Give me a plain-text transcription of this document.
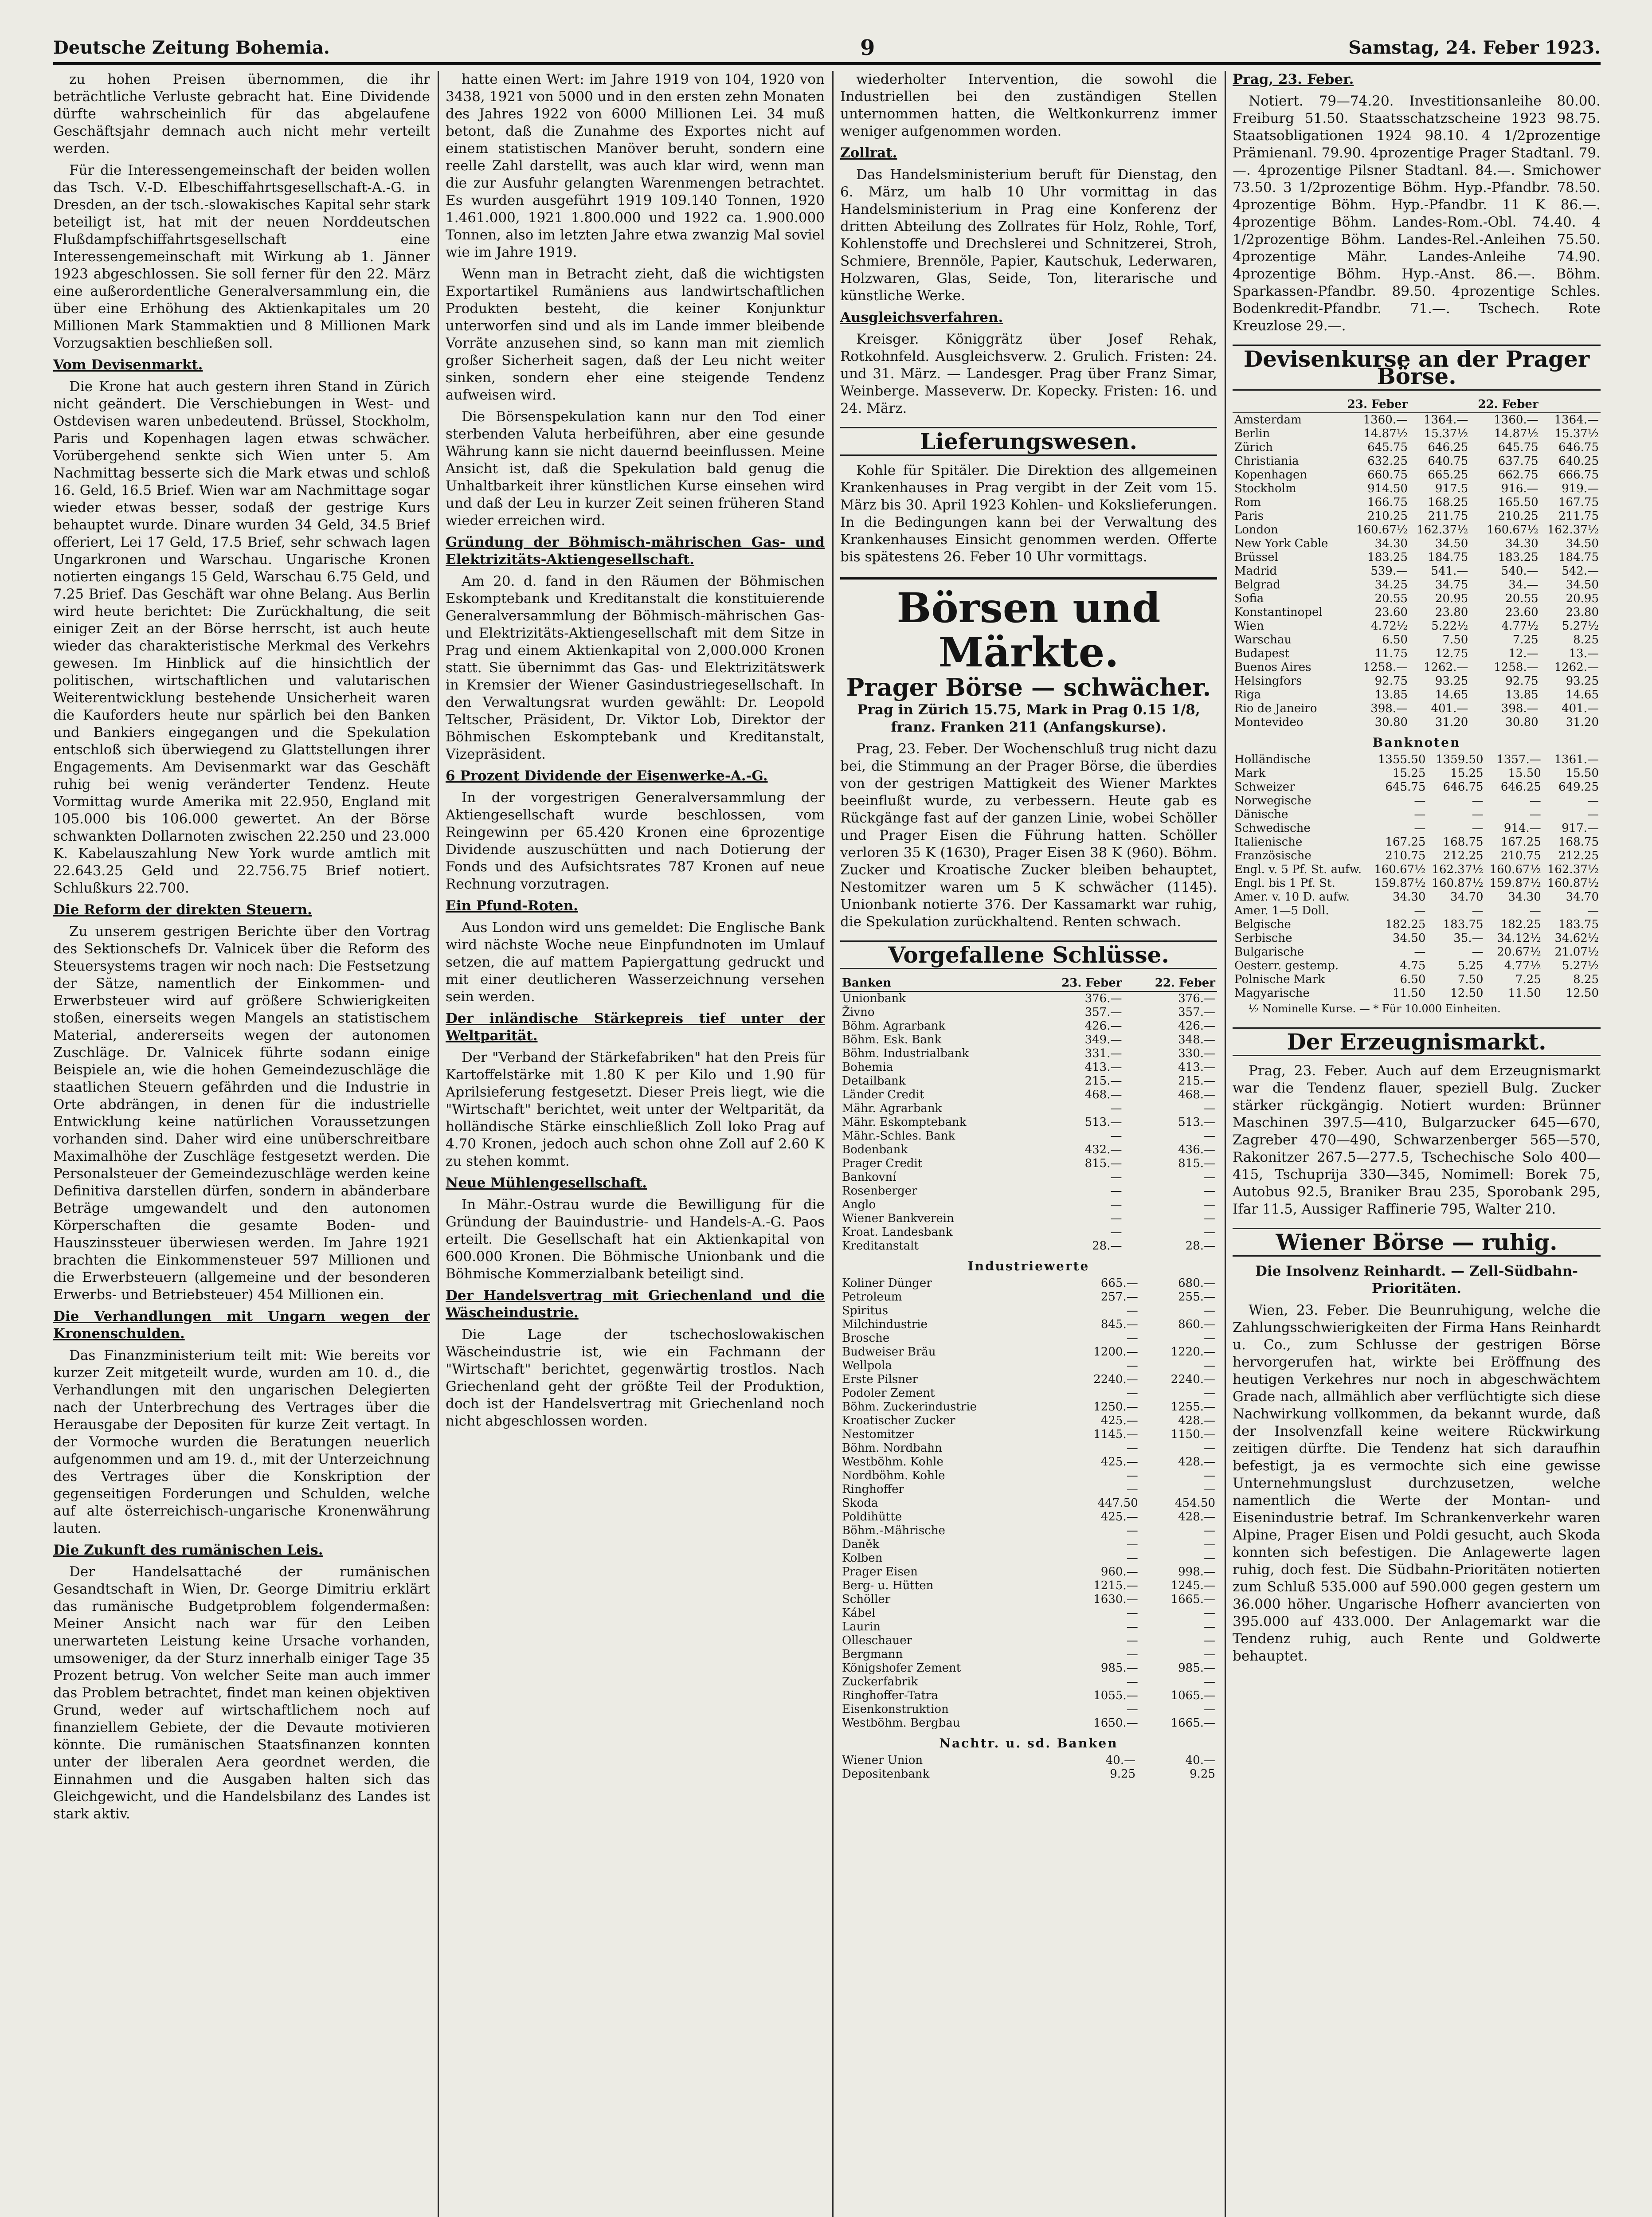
Deutsche Zeitung Bohemia.	9	Samstag, 24. Feber 1923.

zu hohen Preisen übernommen, die ihr beträchtliche Verluste gebracht hat. Eine Dividende dürfte wahrscheinlich für das abgelaufene Geschäftsjahr demnach auch nicht mehr verteilt werden.

Für die Interessengemeinschaft der beiden wollen das Tsch. V.-D. Elbeschiffahrtsgesellschaft-A.-G. in Dresden, an der tsch.-slowakisches Kapital sehr stark beteiligt ist, hat mit der neuen Norddeutschen Flußdampfschiffahrtsgesellschaft eine Interessengemeinschaft mit Wirkung ab 1. Jänner 1923 abgeschlossen. Sie soll ferner für den 22. März eine außerordentliche Generalversammlung ein, die über eine Erhöhung des Aktienkapitales um 20 Millionen Mark Stammaktien und 8 Millionen Mark Vorzugsaktien beschließen soll.

Vom Devisenmarkt.

Die Krone hat auch gestern ihren Stand in Zürich nicht geändert. Die Verschiebungen in West- und Ostdevisen waren unbedeutend. Brüssel, Stockholm, Paris und Kopenhagen lagen etwas schwächer. Vorübergehend senkte sich Wien unter 5. Am Nachmittag besserte sich die Mark etwas und schloß 16. Geld, 16.5 Brief. Wien war am Nachmittage sogar wieder etwas besser, sodaß der gestrige Kurs behauptet wurde. Dinare wurden 34 Geld, 34.5 Brief offeriert, Lei 17 Geld, 17.5 Brief, sehr schwach lagen Ungarkronen und Warschau. Ungarische Kronen notierten eingangs 15 Geld, Warschau 6.75 Geld, und 7.25 Brief. Das Geschäft war ohne Belang. Aus Berlin wird heute berichtet: Die Zurückhaltung, die seit einiger Zeit an der Börse herrscht, ist auch heute wieder das charakteristische Merkmal des Verkehrs gewesen. Im Hinblick auf die hinsichtlich der politischen, wirtschaftlichen und valutarischen Weiterentwicklung bestehende Unsicherheit waren die Kauforders heute nur spärlich bei den Banken und Bankiers eingegangen und die Spekulation entschloß sich überwiegend zu Glattstellungen ihrer Engagements. Am Devisenmarkt war das Geschäft ruhig bei wenig veränderter Tendenz. Heute Vormittag wurde Amerika mit 22.950, England mit 105.000 bis 106.000 gewertet. An der Börse schwankten Dollarnoten zwischen 22.250 und 23.000 K. Kabelauszahlung New York wurde amtlich mit 22.643.25 Geld und 22.756.75 Brief notiert. Schlußkurs 22.700.

Die Reform der direkten Steuern.

Zu unserem gestrigen Berichte über den Vortrag des Sektionschefs Dr. Valnicek über die Reform des Steuersystems tragen wir noch nach: Die Festsetzung der Sätze, namentlich der Einkommen- und Erwerbsteuer wird auf größere Schwierigkeiten stoßen, einerseits wegen Mangels an statistischem Material, andererseits wegen der autonomen Zuschläge. Dr. Valnicek führte sodann einige Beispiele an, wie die hohen Gemeindezuschläge die staatlichen Steuern gefährden und die Industrie in Orte abdrängen, in denen für die industrielle Entwicklung keine natürlichen Voraussetzungen vorhanden sind. Daher wird eine unüberschreitbare Maximalhöhe der Zuschläge festgesetzt werden. Die Personalsteuer der Gemeindezuschläge werden keine Definitiva darstellen dürfen, sondern in abänderbare Beträge umgewandelt und den autonomen Körperschaften die gesamte Boden- und Hauszinssteuer überwiesen werden. Im Jahre 1921 brachten die Einkommensteuer 597 Millionen und die Erwerbsteuern (allgemeine und der besonderen Erwerbs- und Betriebsteuer) 454 Millionen ein.

Die Verhandlungen mit Ungarn wegen der Kronenschulden.

Das Finanzministerium teilt mit: Wie bereits vor kurzer Zeit mitgeteilt wurde, wurden am 10. d., die Verhandlungen mit den ungarischen Delegierten nach der Unterbrechung des Vertrages über die Herausgabe der Depositen für kurze Zeit vertagt. In der Vormoche wurden die Beratungen neuerlich aufgenommen und am 19. d., mit der Unterzeichnung des Vertrages über die Konskription der gegenseitigen Forderungen und Schulden, welche auf alte österreichisch-ungarische Kronenwährung lauten.

Die Zukunft des rumänischen Leis.

Der Handelsattaché der rumänischen Gesandtschaft in Wien, Dr. George Dimitriu erklärt das rumänische Budgetproblem folgendermaßen: Meiner Ansicht nach war für den Leiben unerwarteten Leistung keine Ursache vorhanden, umsoweniger, da der Sturz innerhalb einiger Tage 35 Prozent betrug. Von welcher Seite man auch immer das Problem betrachtet, findet man keinen objektiven Grund, weder auf wirtschaftlichem noch auf finanziellem Gebiete, der die Devaute motivieren könnte. Die rumänischen Staatsfinanzen konnten unter der liberalen Aera geordnet werden, die Einnahmen und die Ausgaben halten sich das Gleichgewicht, und die Handelsbilanz des Landes ist stark aktiv.

hatte einen Wert: im Jahre 1919 von 104, 1920 von 3438, 1921 von 5000 und in den ersten zehn Monaten des Jahres 1922 von 6000 Millionen Lei. 34 muß betont, daß die Zunahme des Exportes nicht auf einem statistischen Manöver beruht, sondern eine reelle Zahl darstellt, was auch klar wird, wenn man die zur Ausfuhr gelangten Warenmengen betrachtet. Es wurden ausgeführt 1919 109.140 Tonnen, 1920 1.461.000, 1921 1.800.000 und 1922 ca. 1.900.000 Tonnen, also im letzten Jahre etwa zwanzig Mal soviel wie im Jahre 1919.

Wenn man in Betracht zieht, daß die wichtigsten Exportartikel Rumäniens aus landwirtschaftlichen Produkten besteht, die keiner Konjunktur unterworfen sind und als im Lande immer bleibende Vorräte anzusehen sind, so kann man mit ziemlich großer Sicherheit sagen, daß der Leu nicht weiter sinken, sondern eher eine steigende Tendenz aufweisen wird.

Die Börsenspekulation kann nur den Tod einer sterbenden Valuta herbeiführen, aber eine gesunde Währung kann sie nicht dauernd beeinflussen. Meine Ansicht ist, daß die Spekulation bald genug die Unhaltbarkeit ihrer künstlichen Kurse einsehen wird und daß der Leu in kurzer Zeit seinen früheren Stand wieder erreichen wird.

Gründung der Böhmisch-mährischen Gas- und Elektrizitäts-Aktiengesellschaft.

Am 20. d. fand in den Räumen der Böhmischen Eskomptebank und Kreditanstalt die konstituierende Generalversammlung der Böhmisch-mährischen Gas- und Elektrizitäts-Aktiengesellschaft mit dem Sitze in Prag und einem Aktienkapital von 2,000.000 Kronen statt. Sie übernimmt das Gas- und Elektrizitätswerk in Kremsier der Wiener Gasindustriegesellschaft. In den Verwaltungsrat wurden gewählt: Dr. Leopold Teltscher, Präsident, Dr. Viktor Lob, Direktor der Böhmischen Eskomptebank und Kreditanstalt, Vizepräsident.

6 Prozent Dividende der Eisenwerke-A.-G.

In der vorgestrigen Generalversammlung der Aktiengesellschaft wurde beschlossen, vom Reingewinn per 65.420 Kronen eine 6prozentige Dividende auszuschütten und nach Dotierung der Fonds und des Aufsichtsrates 787 Kronen auf neue Rechnung vorzutragen.

Ein Pfund-Roten.

Aus London wird uns gemeldet: Die Englische Bank wird nächste Woche neue Einpfundnoten im Umlauf setzen, die auf mattem Papiergattung gedruckt und mit einer deutlicheren Wasserzeichnung versehen sein werden.

Der inländische Stärkepreis tief unter der Weltparität.

Der "Verband der Stärkefabriken" hat den Preis für Kartoffelstärke mit 1.80 K per Kilo und 1.90 für Aprilsieferung festgesetzt. Dieser Preis liegt, wie die "Wirtschaft" berichtet, weit unter der Weltparität, da holländische Stärke einschließlich Zoll loko Prag auf 4.70 Kronen, jedoch auch schon ohne Zoll auf 2.60 K zu stehen kommt.

Neue Mühlengesellschaft.

In Mähr.-Ostrau wurde die Bewilligung für die Gründung der Bauindustrie- und Handels-A.-G. Paos erteilt. Die Gesellschaft hat ein Aktienkapital von 600.000 Kronen. Die Böhmische Unionbank und die Böhmische Kommerzialbank beteiligt sind.

Der Handelsvertrag mit Griechenland und die Wäscheindustrie.

Die Lage der tschechoslowakischen Wäscheindustrie ist, wie ein Fachmann der "Wirtschaft" berichtet, gegenwärtig trostlos. Nach Griechenland geht der größte Teil der Produktion, doch ist der Handelsvertrag mit Griechenland noch nicht abgeschlossen worden.

wiederholter Intervention, die sowohl die Industriellen bei den zuständigen Stellen unternommen hatten, die Weltkonkurrenz immer weniger aufgenommen worden.

Zollrat.

Das Handelsministerium beruft für Dienstag, den 6. März, um halb 10 Uhr vormittag in das Handelsministerium in Prag eine Konferenz der dritten Abteilung des Zollrates für Holz, Rohle, Torf, Kohlenstoffe und Drechslerei und Schnitzerei, Stroh, Schmiere, Brennöle, Papier, Kautschuk, Lederwaren, Holzwaren, Glas, Seide, Ton, literarische und künstliche Werke.

Ausgleichsverfahren.

Kreisger. Königgrätz über Josef Rehak, Rotkohnfeld. Ausgleichsverw. 2. Grulich. Fristen: 24. und 31. März. — Landesger. Prag über Franz Simar, Weinberge. Masseverw. Dr. Kopecky. Fristen: 16. und 24. März.

Lieferungswesen.

Kohle für Spitäler. Die Direktion des allgemeinen Krankenhauses in Prag vergibt in der Zeit vom 15. März bis 30. April 1923 Kohlen- und Kokslieferungen. In die Bedingungen kann bei der Verwaltung des Krankenhauses Einsicht genommen werden. Offerte bis spätestens 26. Feber 10 Uhr vormittags.

Börsen und Märkte.
Prager Börse — schwächer.

Prag in Zürich 15.75, Mark in Prag 0.15 1/8, franz. Franken 211 (Anfangskurse).

Prag, 23. Feber. Der Wochenschluß trug nicht dazu bei, die Stimmung an der Prager Börse, die überdies von der gestrigen Mattigkeit des Wiener Marktes beeinflußt wurde, zu verbessern. Heute gab es Rückgänge fast auf der ganzen Linie, wobei Schöller und Prager Eisen die Führung hatten. Schöller verloren 35 K (1630), Prager Eisen 38 K (960). Böhm. Zucker und Kroatische Zucker bleiben behauptet, Nestomitzer waren um 5 K schwächer (1145). Unionbank notierte 376. Der Kassamarkt war ruhig, die Spekulation zurückhaltend. Renten schwach.

Vorgefallene Schlüsse.
Banken	23. Feber	22. Feber
Unionbank	376.—	376.—
Živno	357.—	357.—
Böhm. Agrarbank	426.—	426.—
Böhm. Esk. Bank	349.—	348.—
Böhm. Industrialbank	331.—	330.—
Bohemia	413.—	413.—
Detailbank	215.—	215.—
Länder Credit	468.—	468.—
Mähr. Agrarbank	—	—
Mähr. Eskomptebank	513.—	513.—
Mähr.-Schles. Bank	—	—
Bodenbank	432.—	436.—
Prager Credit	815.—	815.—
Bankovní	—	—
Rosenberger	—	—
Anglo	—	—
Wiener Bankverein	—	—
Kroat. Landesbank	—	—
Kreditanstalt	28.—	28.—
Industriewerte
Koliner Dünger	665.—	680.—
Petroleum	257.—	255.—
Spiritus	—	—
Milchindustrie	845.—	860.—
Brosche	—	—
Budweiser Bräu	1200.—	1220.—
Wellpola	—	—
Erste Pilsner	2240.—	2240.—
Podoler Zement	—	—
Böhm. Zuckerindustrie	1250.—	1255.—
Kroatischer Zucker	425.—	428.—
Nestomitzer	1145.—	1150.—
Böhm. Nordbahn	—	—
Westböhm. Kohle	425.—	428.—
Nordböhm. Kohle	—	—
Ringhoffer	—	—
Skoda	447.50	454.50
Poldihütte	425.—	428.—
Böhm.-Mährische	—	—
Daněk	—	—
Kolben	—	—
Prager Eisen	960.—	998.—
Berg- u. Hütten	1215.—	1245.—
Schöller	1630.—	1665.—
Kábel	—	—
Laurin	—	—
Olleschauer	—	—
Bergmann	—	—
Königshofer Zement	985.—	985.—
Zuckerfabrik	—	—
Ringhoffer-Tatra	1055.—	1065.—
Eisenkonstruktion	—	—
Westböhm. Bergbau	1650.—	1665.—
Nachtr. u. sd. Banken
Wiener Union	40.—	40.—
Depositenbank	9.25	9.25

Prag, 23. Feber.

Notiert. 79—74.20. Investitionsanleihe 80.00. Freiburg 51.50. Staatsschatzscheine 1923 98.75. Staatsobligationen 1924 98.10. 4 1/2prozentige Prämienanl. 79.90. 4prozentige Prager Stadtanl. 79.—. 4prozentige Pilsner Stadtanl. 84.—. Smichower 73.50. 3 1/2prozentige Böhm. Hyp.-Pfandbr. 78.50. 4prozentige Böhm. Hyp.-Pfandbr. 11 K 86.—. 4prozentige Böhm. Landes-Rom.-Obl. 74.40. 4 1/2prozentige Böhm. Landes-Rel.-Anleihen 75.50. 4prozentige Mähr. Landes-Anleihe 74.90. 4prozentige Böhm. Hyp.-Anst. 86.—. Böhm. Sparkassen-Pfandbr. 89.50. 4prozentige Schles. Bodenkredit-Pfandbr. 71.—. Tschech. Rote Kreuzlose 29.—.

Devisenkurse an der Prager Börse.
	23. Feber		22. Feber	
Amsterdam	1360.—	1364.—	1360.—	1364.—
Berlin	14.87½	15.37½	14.87½	15.37½
Zürich	645.75	646.25	645.75	646.75
Christiania	632.25	640.75	637.75	640.25
Kopenhagen	660.75	665.25	662.75	666.75
Stockholm	914.50	917.5	916.—	919.—
Rom	166.75	168.25	165.50	167.75
Paris	210.25	211.75	210.25	211.75
London	160.67½	162.37½	160.67½	162.37½
New York Cable	34.30	34.50	34.30	34.50
Brüssel	183.25	184.75	183.25	184.75
Madrid	539.—	541.—	540.—	542.—
Belgrad	34.25	34.75	34.—	34.50
Sofia	20.55	20.95	20.55	20.95
Konstantinopel	23.60	23.80	23.60	23.80
Wien	4.72½	5.22½	4.77½	5.27½
Warschau	6.50	7.50	7.25	8.25
Budapest	11.75	12.75	12.—	13.—
Buenos Aires	1258.—	1262.—	1258.—	1262.—
Helsingfors	92.75	93.25	92.75	93.25
Riga	13.85	14.65	13.85	14.65
Rio de Janeiro	398.—	401.—	398.—	401.—
Montevideo	30.80	31.20	30.80	31.20
Banknoten
Holländische	1355.50	1359.50	1357.—	1361.—
Mark	15.25	15.25	15.50	15.50
Schweizer	645.75	646.75	646.25	649.25
Norwegische	—	—	—	—
Dänische	—	—	—	—
Schwedische	—	—	914.—	917.—
Italienische	167.25	168.75	167.25	168.75
Französische	210.75	212.25	210.75	212.25
Engl. v. 5 Pf. St. aufw.	160.67½	162.37½	160.67½	162.37½
Engl. bis 1 Pf. St.	159.87½	160.87½	159.87½	160.87½
Amer. v. 10 D. aufw.	34.30	34.70	34.30	34.70
Amer. 1—5 Doll.	—	—	—	—
Belgische	182.25	183.75	182.25	183.75
Serbische	34.50	35.—	34.12½	34.62½
Bulgarische	—	—	20.67½	21.07½
Oesterr. gestemp.	4.75	5.25	4.77½	5.27½
Polnische Mark	6.50	7.50	7.25	8.25
Magyarische	11.50	12.50	11.50	12.50

½ Nominelle Kurse. — * Für 10.000 Einheiten.

Der Erzeugnismarkt.

Prag, 23. Feber. Auch auf dem Erzeugnismarkt war die Tendenz flauer, speziell Bulg. Zucker stärker rückgängig. Notiert wurden: Brünner Maschinen 397.5—410, Bulgarzucker 645—670, Zagreber 470—490, Schwarzenberger 565—570, Rakonitzer 267.5—277.5, Tschechische Solo 400—415, Tschuprija 330—345, Nomimell: Borek 75, Autobus 92.5, Braniker Brau 235, Sporobank 295, Ifar 11.5, Aussiger Raffinerie 795, Walter 210.

Wiener Börse — ruhig.

Die Insolvenz Reinhardt. — Zell-Südbahn-Prioritäten.

Wien, 23. Feber. Die Beunruhigung, welche die Zahlungsschwierigkeiten der Firma Hans Reinhardt u. Co., zum Schlusse der gestrigen Börse hervorgerufen hat, wirkte bei Eröffnung des heutigen Verkehres nur noch in abgeschwächtem Grade nach, allmählich aber verflüchtigte sich diese Nachwirkung vollkommen, da bekannt wurde, daß der Insolvenzfall keine weitere Rückwirkung zeitigen dürfte. Die Tendenz hat sich daraufhin befestigt, ja es vermochte sich eine gewisse Unternehmungslust durchzusetzen, welche namentlich die Werte der Montan- und Eisenindustrie betraf. Im Schrankenverkehr waren Alpine, Prager Eisen und Poldi gesucht, auch Skoda konnten sich befestigen. Die Anlagewerte lagen ruhig, doch fest. Die Südbahn-Prioritäten notierten zum Schluß 535.000 auf 590.000 gegen gestern um 36.000 höher. Ungarische Hofherr avancierten von 395.000 auf 433.000. Der Anlagemarkt war die Tendenz ruhig, auch Rente und Goldwerte behauptet.
